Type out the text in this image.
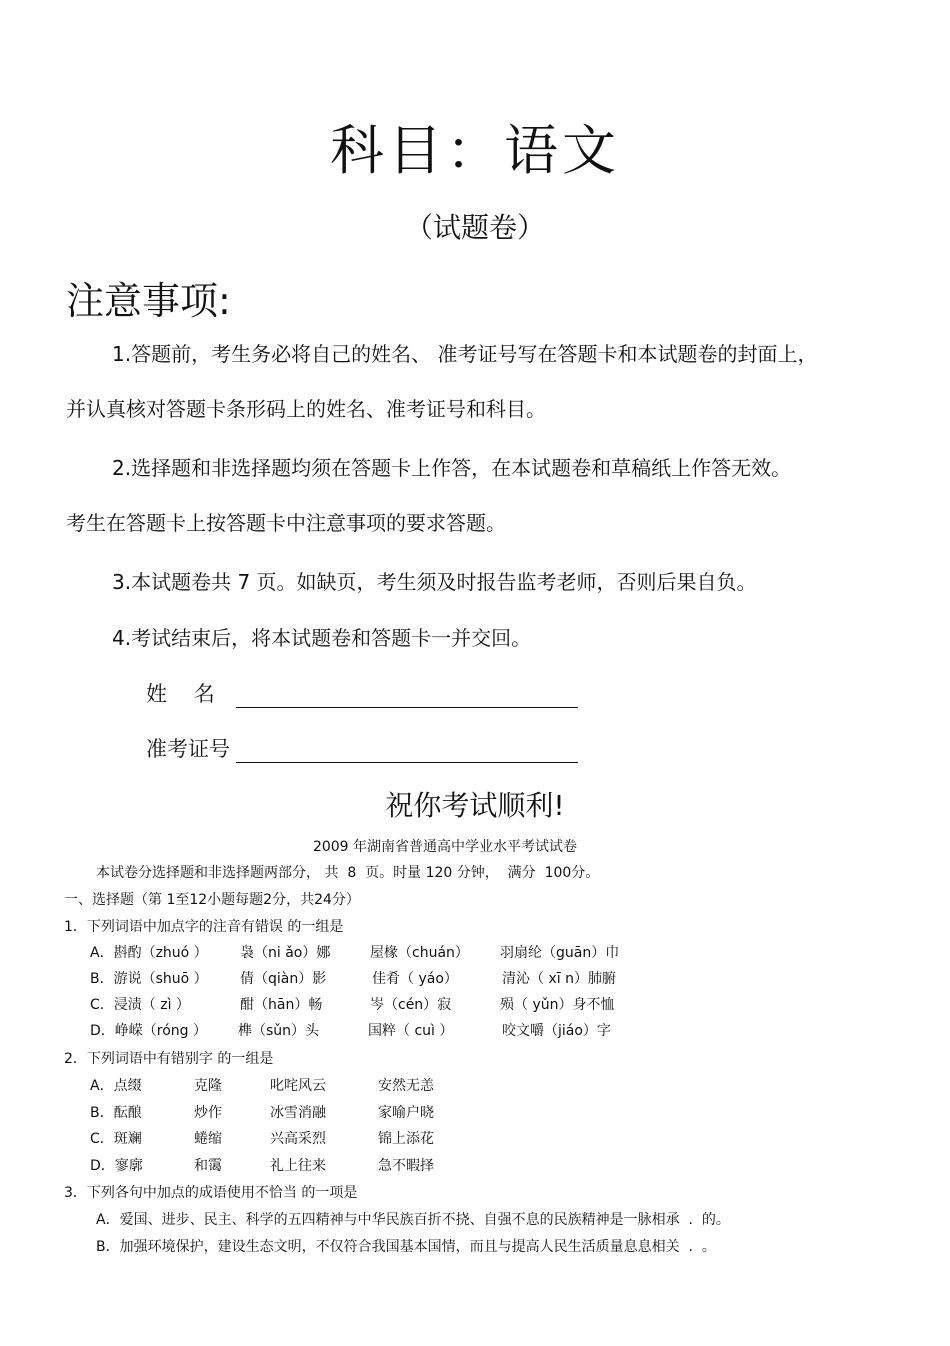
科目：语文
（试题卷）
注意事项:
1.答题前，考生务必将自己的姓名、 准考证号写在答题卡和本试题卷的封面上，
并认真核对答题卡条形码上的姓名、准考证号和科目。
2.选择题和非选择题均须在答题卡上作答，在本试题卷和草稿纸上作答无效。
考生在答题卡上按答题卡中注意事项的要求答题。
3.本试题卷共 7 页。如缺页，考生须及时报告监考老师，否则后果自负。
4.考试结束后，将本试题卷和答题卡一并交回。
姓    名
准考证号
祝你考试顺利!
2009 年湖南省普通高中学业水平考试试卷
本试卷分选择题和非选择题两部分， 共  8  页。时量 120 分钟，  满分  100分。
一、选择题（第 1至12小题每题2分，共24分）
1．下列词语中加点字的注音有错误 的一组是
A．斟酌（zhuó ） 袅（ni ǎo）娜	屋椽（chuán） 羽扇纶（guān）巾
B．游说（shuō ） 倩（qiàn）影	佳肴（ yáo）	清沁（ xī n）肺腑
C．浸渍（ zì ）	酣（hān）畅	岑（cén）寂	殒（ yǔn）身不恤
D．峥嵘（róng ） 榫（sǔn）头	国粹（ cuì ）	咬文嚼（jiáo）字
2．下列词语中有错别字 的一组是
A．点缀	克隆	叱咤风云	安然无恙
B．酝酿	炒作	冰雪消融	家喻户晓
C．斑斓	蜷缩	兴高采烈	锦上添花
D．寥廓	和霭	礼上往来	急不暇择
3．下列各句中加点的成语使用不恰当 的一项是
A．爱国、进步、民主、科学的五四精神与中华民族百折不挠、自强不息的民族精神是一脉相承  .  的。
B．加强环境保护，建设生态文明，不仅符合我国基本国情，而且与提高人民生活质量息息相关  .  。
